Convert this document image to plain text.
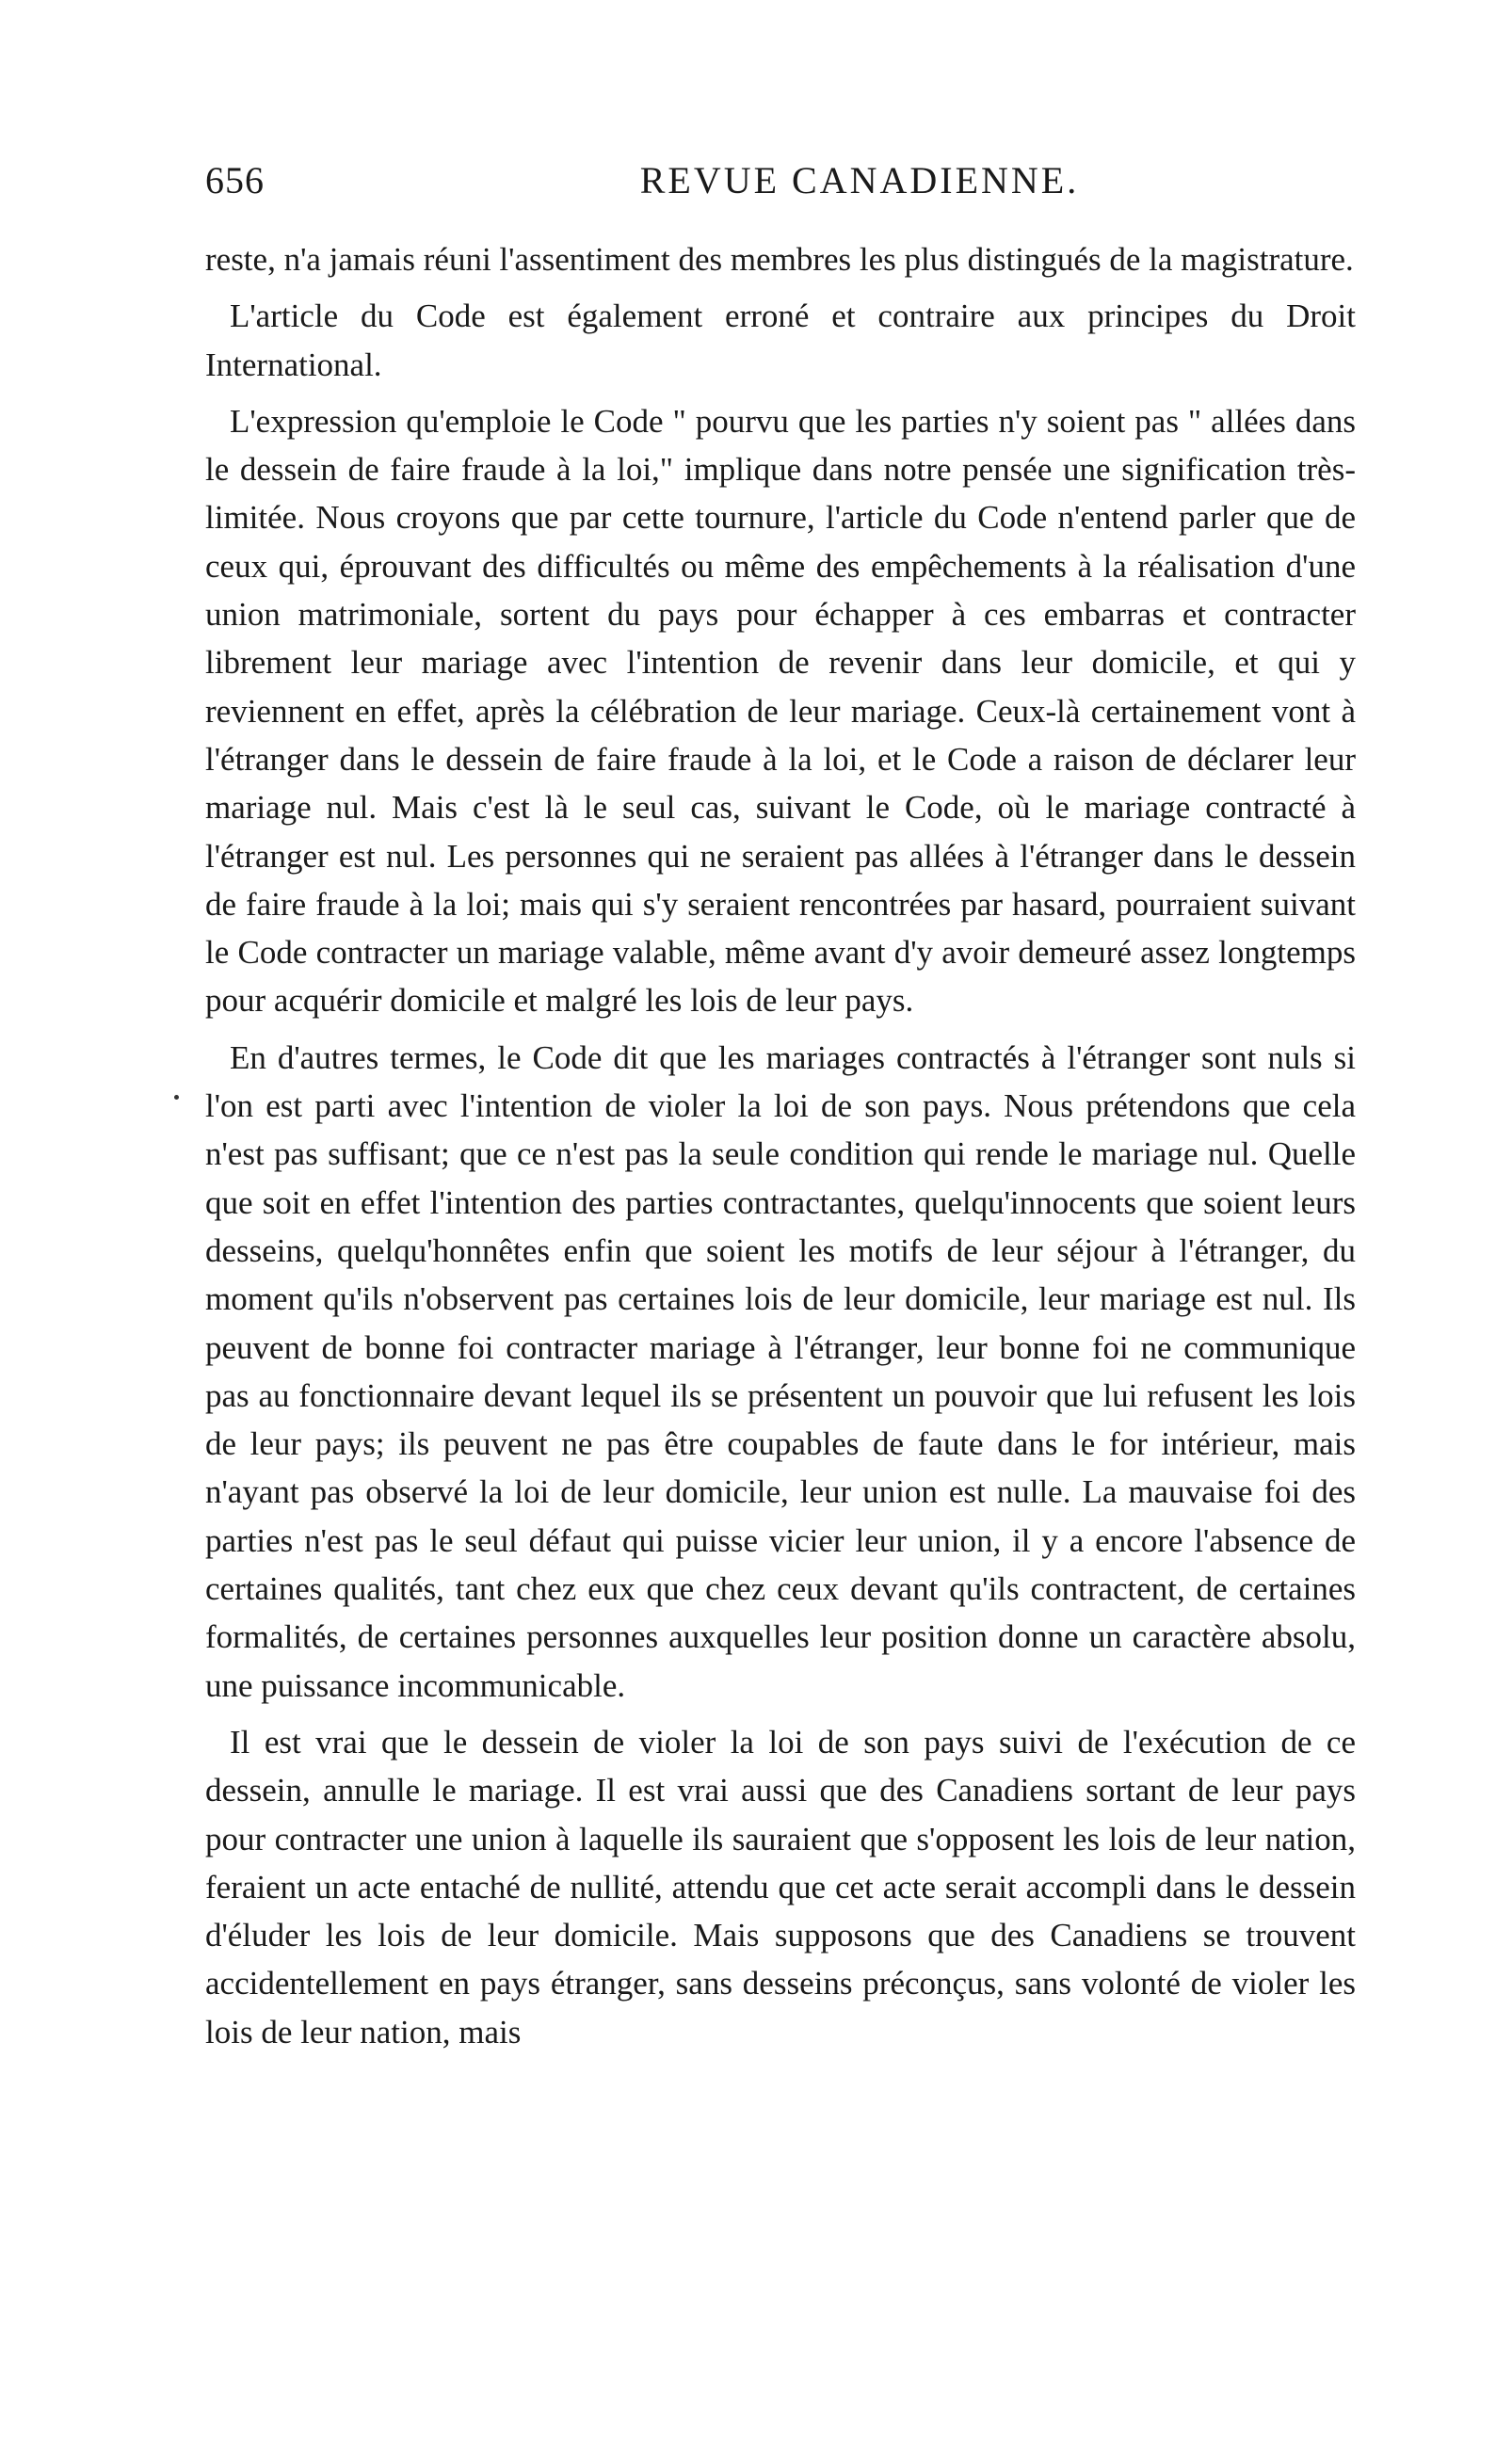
656	REVUE CANADIENNE.

reste, n'a jamais réuni l'assentiment des membres les plus distingués de la magistrature.

L'article du Code est également erroné et contraire aux principes du Droit International.

L'expression qu'emploie le Code " pourvu que les parties n'y soient pas " allées dans le dessein de faire fraude à la loi," implique dans notre pensée une signification très-limitée. Nous croyons que par cette tournure, l'article du Code n'entend parler que de ceux qui, éprouvant des difficultés ou même des empêchements à la réalisation d'une union matrimoniale, sortent du pays pour échapper à ces embarras et contracter librement leur mariage avec l'intention de revenir dans leur domicile, et qui y reviennent en effet, après la célébration de leur mariage. Ceux-là certainement vont à l'étranger dans le dessein de faire fraude à la loi, et le Code a raison de déclarer leur mariage nul. Mais c'est là le seul cas, suivant le Code, où le mariage contracté à l'étranger est nul. Les personnes qui ne seraient pas allées à l'étranger dans le dessein de faire fraude à la loi; mais qui s'y seraient rencontrées par hasard, pourraient suivant le Code contracter un mariage valable, même avant d'y avoir demeuré assez longtemps pour acquérir domicile et malgré les lois de leur pays.

En d'autres termes, le Code dit que les mariages contractés à l'étranger sont nuls si l'on est parti avec l'intention de violer la loi de son pays. Nous prétendons que cela n'est pas suffisant; que ce n'est pas la seule condition qui rende le mariage nul. Quelle que soit en effet l'intention des parties contractantes, quelqu'innocents que soient leurs desseins, quelqu'honnêtes enfin que soient les motifs de leur séjour à l'étranger, du moment qu'ils n'observent pas certaines lois de leur domicile, leur mariage est nul. Ils peuvent de bonne foi contracter mariage à l'étranger, leur bonne foi ne communique pas au fonctionnaire devant lequel ils se présentent un pouvoir que lui refusent les lois de leur pays; ils peuvent ne pas être coupables de faute dans le for intérieur, mais n'ayant pas observé la loi de leur domicile, leur union est nulle. La mauvaise foi des parties n'est pas le seul défaut qui puisse vicier leur union, il y a encore l'absence de certaines qualités, tant chez eux que chez ceux devant qu'ils contractent, de certaines formalités, de certaines personnes auxquelles leur position donne un caractère absolu, une puissance incommunicable.

Il est vrai que le dessein de violer la loi de son pays suivi de l'exécution de ce dessein, annulle le mariage. Il est vrai aussi que des Canadiens sortant de leur pays pour contracter une union à laquelle ils sauraient que s'opposent les lois de leur nation, feraient un acte entaché de nullité, attendu que cet acte serait accompli dans le dessein d'éluder les lois de leur domicile. Mais supposons que des Canadiens se trouvent accidentellement en pays étranger, sans desseins préconçus, sans volonté de violer les lois de leur nation, mais
